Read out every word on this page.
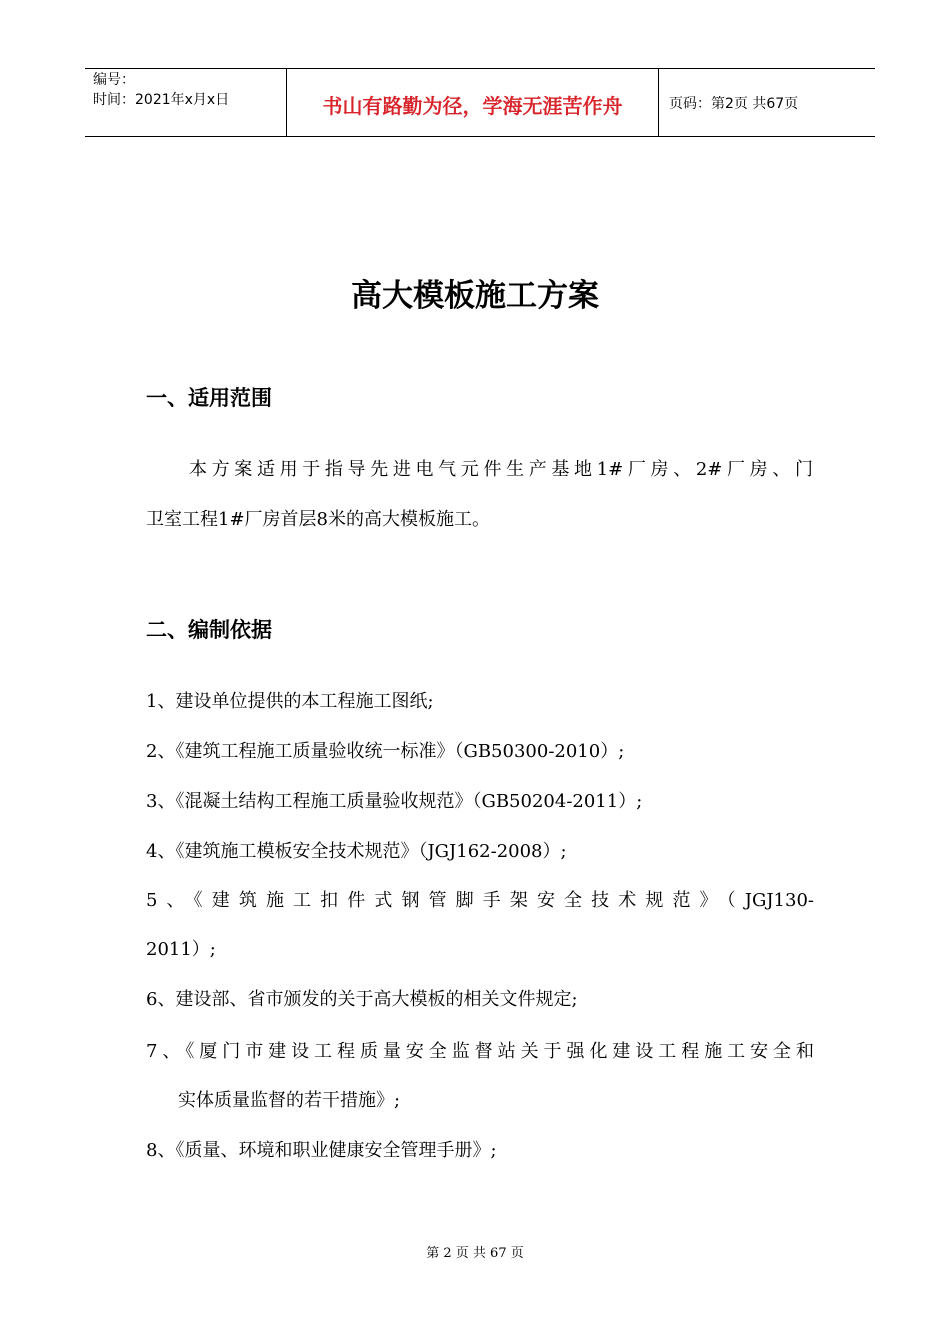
编号：
时间：2021年x月x日	书山有路勤为径，学海无涯苦作舟	页码：第2页 共67页
高大模板施工方案
一、适用范围
本方案适用于指导先进电气元件生产基地1#厂房、2#厂房、门
卫室工程1#厂房首层8米的高大模板施工。
二、编制依据
1、建设单位提供的本工程施工图纸;
2、《建筑工程施工质量验收统一标准》（GB50300-2010）;
3、《混凝土结构工程施工质量验收规范》（GB50204-2011）;
4、《建筑施工模板安全技术规范》（JGJ162-2008）;
5、《建筑施工扣件式钢管脚手架安全技术规范》（JGJ130-
2011）;
6、建设部、省市颁发的关于高大模板的相关文件规定;
7、《厦门市建设工程质量安全监督站关于强化建设工程施工安全和
实体质量监督的若干措施》;
8、《质量、环境和职业健康安全管理手册》;
第 2 页 共 67 页
